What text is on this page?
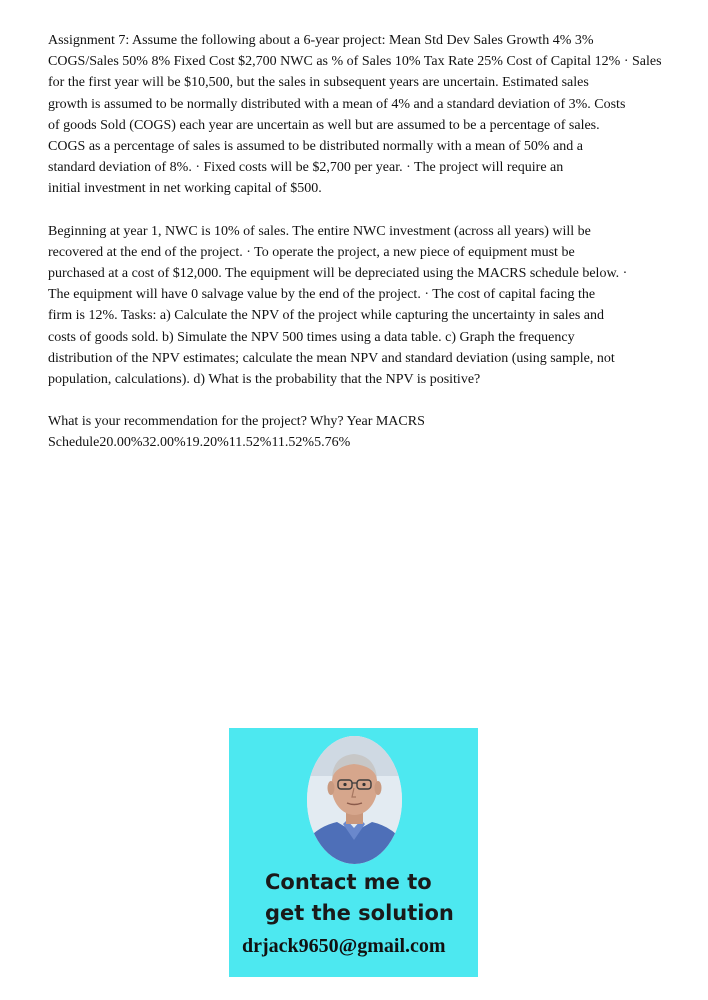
Assignment 7: Assume the following about a 6-year project: Mean Std Dev Sales Growth 4% 3%
COGS/Sales 50% 8% Fixed Cost $2,700 NWC as % of Sales 10% Tax Rate 25% Cost of Capital 12% · Sales
for the first year will be $10,500, but the sales in subsequent years are uncertain. Estimated sales
growth is assumed to be normally distributed with a mean of 4% and a standard deviation of 3%. Costs
of goods Sold (COGS) each year are uncertain as well but are assumed to be a percentage of sales.
COGS as a percentage of sales is assumed to be distributed normally with a mean of 50% and a
standard deviation of 8%. · Fixed costs will be $2,700 per year. · The project will require an
initial investment in net working capital of $500.
Beginning at year 1, NWC is 10% of sales. The entire NWC investment (across all years) will be
recovered at the end of the project. · To operate the project, a new piece of equipment must be
purchased at a cost of $12,000. The equipment will be depreciated using the MACRS schedule below. ·
The equipment will have 0 salvage value by the end of the project. · The cost of capital facing the
firm is 12%. Tasks: a) Calculate the NPV of the project while capturing the uncertainty in sales and
costs of goods sold. b) Simulate the NPV 500 times using a data table. c) Graph the frequency
distribution of the NPV estimates; calculate the mean NPV and standard deviation (using sample, not
population, calculations). d) What is the probability that the NPV is positive?
What is your recommendation for the project? Why? Year MACRS
Schedule20.00%32.00%19.20%11.52%11.52%5.76%
Contact me to
get the solution
drjack9650@gmail.com
